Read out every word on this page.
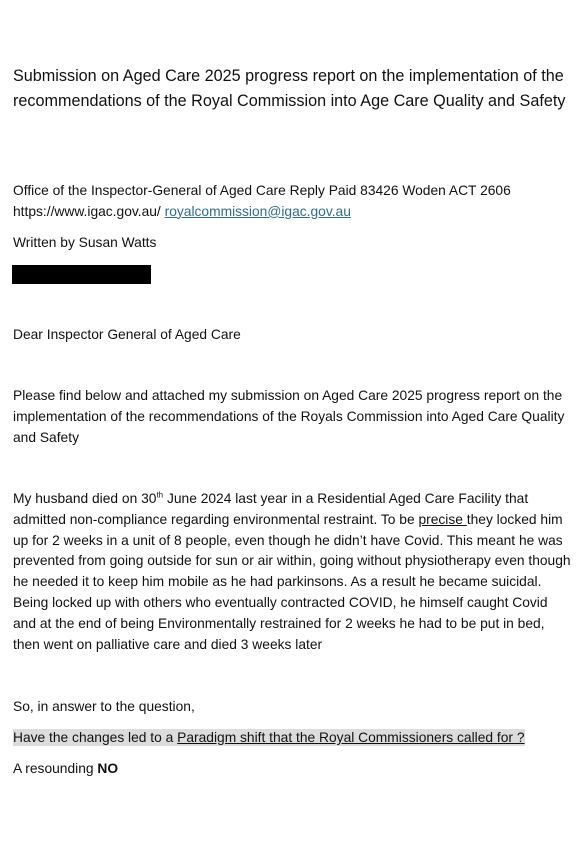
Submission on Aged Care 2025 progress report on the implementation of the recommendations of the Royal Commission into Age Care Quality and Safety

Office of the Inspector-General of Aged Care Reply Paid 83426 Woden ACT 2606
https://www.igac.gov.au/ royalcommission@igac.gov.au

Written by Susan Watts

Dear Inspector General of Aged Care

Please find below and attached my submission on Aged Care 2025 progress report on the implementation of the recommendations of the Royals Commission into Aged Care Quality and Safety

My husband died on 30th June 2024 last year in a Residential Aged Care Facility that admitted non-compliance regarding environmental restraint. To be precise they locked him up for 2 weeks in a unit of 8 people, even though he didn’t have Covid. This meant he was prevented from going outside for sun or air within, going without physiotherapy even though he needed it to keep him mobile as he had parkinsons. As a result he became suicidal. Being locked up with others who eventually contracted COVID, he himself caught Covid and at the end of being Environmentally restrained for 2 weeks he had to be put in bed, then went on palliative care and died 3 weeks later

So, in answer to the question,

Have the changes led to a Paradigm shift that the Royal Commissioners called for ?

A resounding NO
